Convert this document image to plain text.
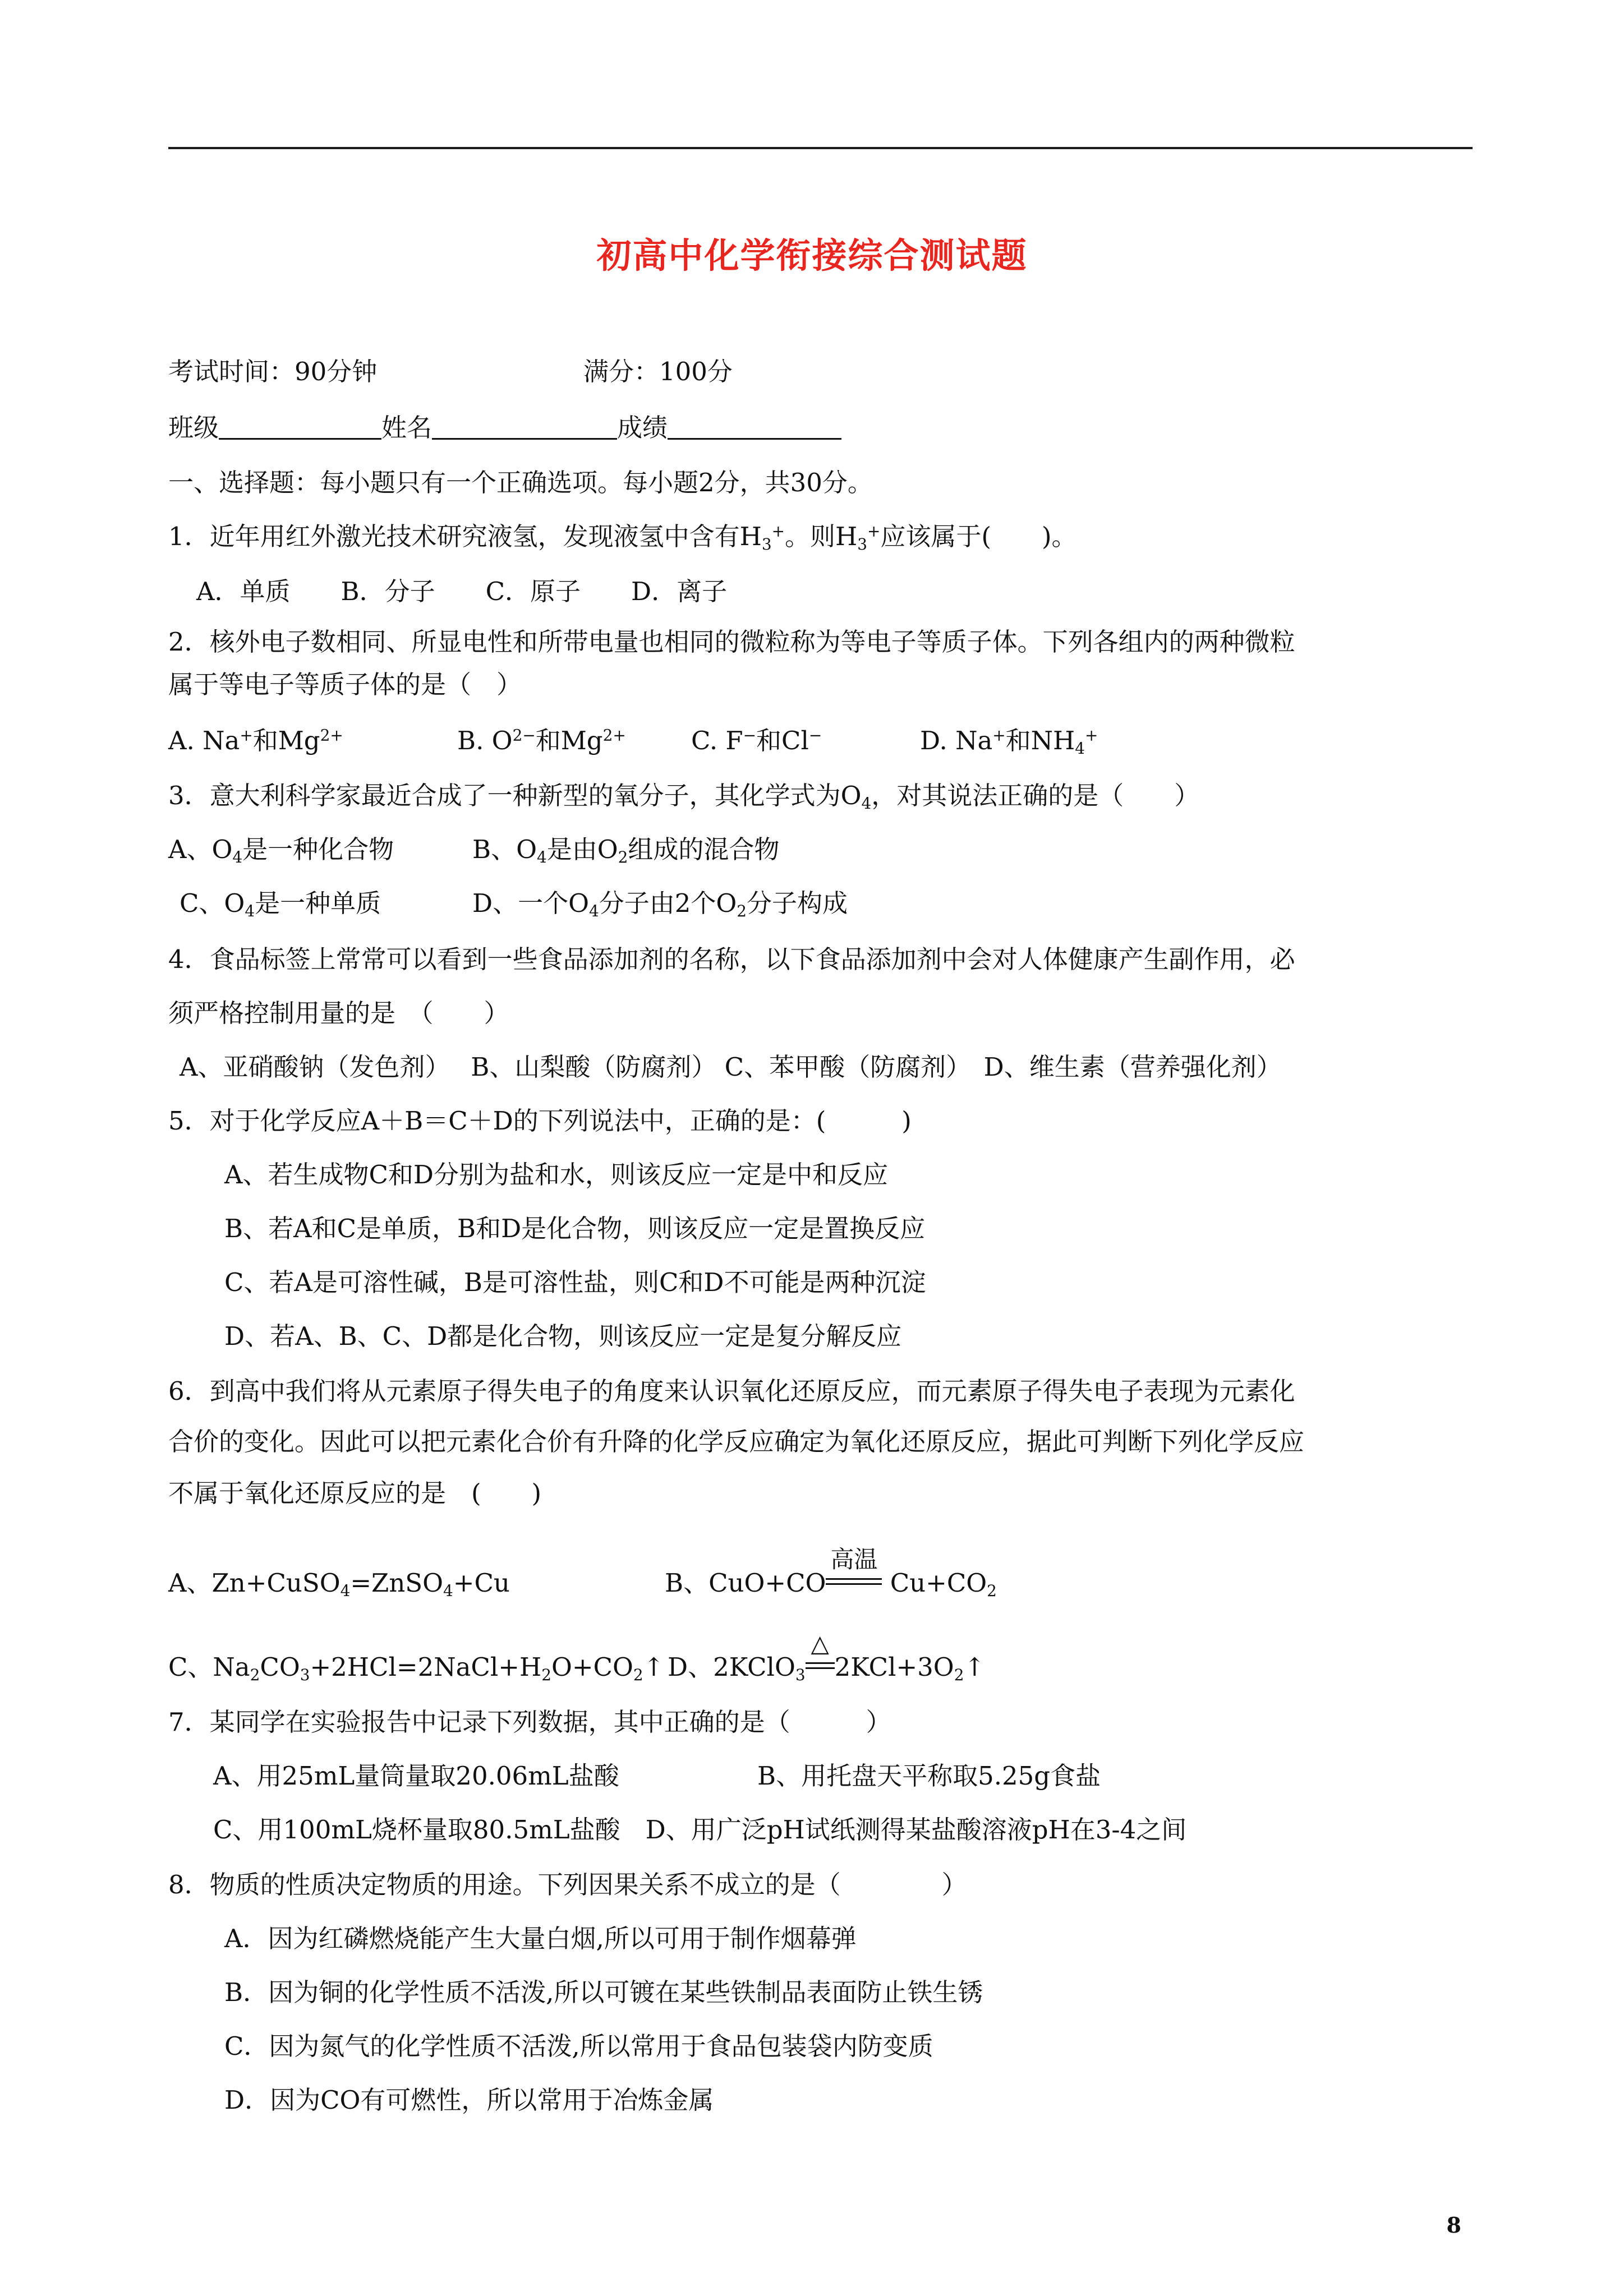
初高中化学衔接综合测试题
考试时间：90分钟	满分：100分
班级	姓名	成绩
一、选择题：每小题只有一个正确选项。每小题2分，共30分。
1．近年用红外激光技术研究液氢，发现液氢中含有$H_3^+$。则$H_3^+$应该属于(　　)。
A．单质　　B．分子　　C．原子　　D．离子
2．核外电子数相同、所显电性和所带电量也相同的微粒称为等电子等质子体。下列各组内的两种微粒
属于等电子等质子体的是（　）
A. Na+和$Mg^{2+}$	B. $O^{2-}$和$Mg^{2+}$	C. F−和Cl−	D. Na+和$NH_4^+$
3．意大利科学家最近合成了一种新型的氧分子，其化学式为$O_4$，对其说法正确的是（　　）
A、$O_4$是一种化合物	B、$O_4$是由$O_2$组成的混合物
C、$O_4$是一种单质	D、一个$O_4$分子由2个$O_2$分子构成
4．食品标签上常常可以看到一些食品添加剂的名称，以下食品添加剂中会对人体健康产生副作用，必
须严格控制用量的是　（　　）
A、亚硝酸钠（发色剂）　 B、山梨酸（防腐剂） C、苯甲酸（防腐剂）　D、维生素（营养强化剂）
5．对于化学反应A＋B＝C＋D的下列说法中，正确的是：(　　　)
A、若生成物C和D分别为盐和水，则该反应一定是中和反应
B、若A和C是单质，B和D是化合物，则该反应一定是置换反应
C、若A是可溶性碱，B是可溶性盐，则C和D不可能是两种沉淀
D、若A、B、C、D都是化合物，则该反应一定是复分解反应
6．到高中我们将从元素原子得失电子的角度来认识氧化还原反应，而元素原子得失电子表现为元素化
合价的变化。因此可以把元素化合价有升降的化学反应确定为氧化还原反应，据此可判断下列化学反应
不属于氧化还原反应的是　(　　)
A、Zn+CuSO$_4$=ZnSO$_4$+Cu	B、CuO+CO
高温
$Cu+CO_2$
C、$Na_2CO_3+2HCl=2NaCl+H_2O+CO_2↑$ D、2KClO$_3$
△
$2KCl+3O_2↑$
7．某同学在实验报告中记录下列数据，其中正确的是（　　　）
A、用25mL量筒量取20.06mL盐酸	B、用托盘天平称取5.25g食盐
C、用100mL烧杯量取80.5mL盐酸　D、用广泛pH试纸测得某盐酸溶液pH在3-4之间
8．物质的性质决定物质的用途。下列因果关系不成立的是（　　　　）
A．因为红磷燃烧能产生大量白烟,所以可用于制作烟幕弹
B．因为铜的化学性质不活泼,所以可镀在某些铁制品表面防止铁生锈
C．因为氮气的化学性质不活泼,所以常用于食品包装袋内防变质
D．因为CO有可燃性，所以常用于冶炼金属
8
